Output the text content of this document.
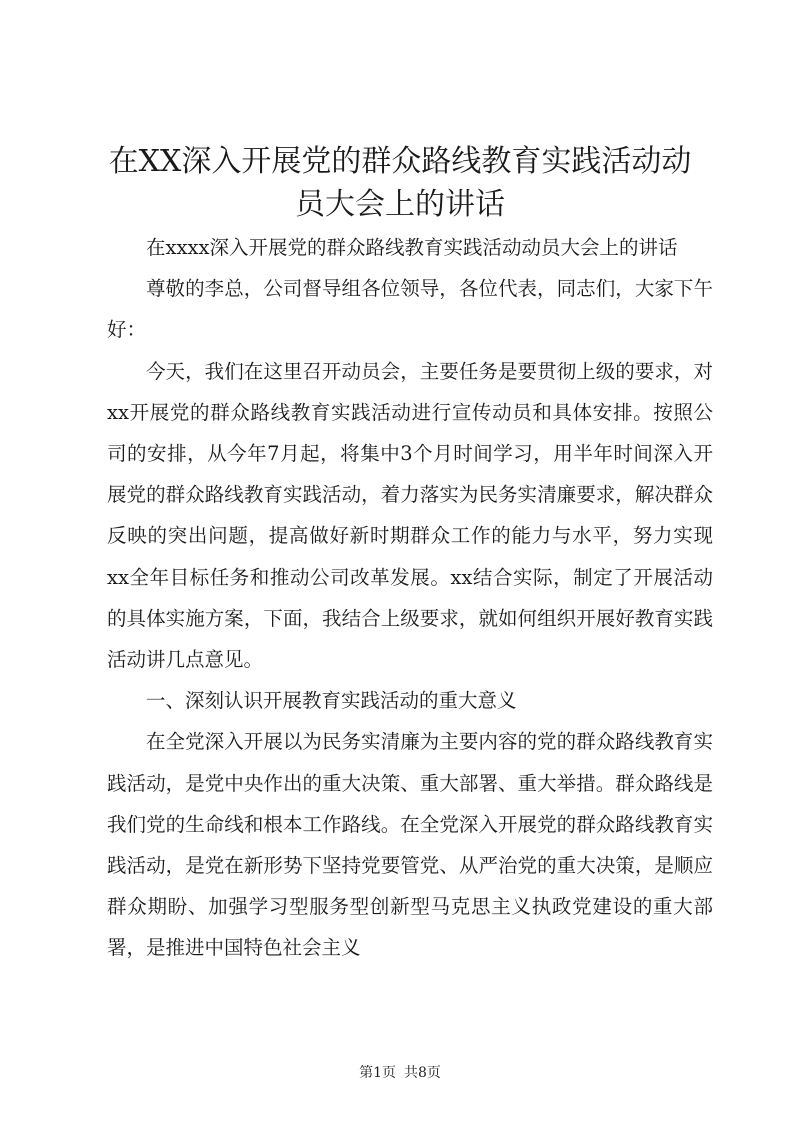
在XX深入开展党的群众路线教育实践活动动员大会上的讲话

在xxxx深入开展党的群众路线教育实践活动动员大会上的讲话

尊敬的李总，公司督导组各位领导，各位代表，同志们，大家下午好：

今天，我们在这里召开动员会，主要任务是要贯彻上级的要求，对xx开展党的群众路线教育实践活动进行宣传动员和具体安排。按照公司的安排，从今年7月起，将集中3个月时间学习，用半年时间深入开展党的群众路线教育实践活动，着力落实为民务实清廉要求，解决群众反映的突出问题，提高做好新时期群众工作的能力与水平，努力实现xx全年目标任务和推动公司改革发展。xx结合实际，制定了开展活动的具体实施方案，下面，我结合上级要求，就如何组织开展好教育实践活动讲几点意见。

一、深刻认识开展教育实践活动的重大意义

在全党深入开展以为民务实清廉为主要内容的党的群众路线教育实践活动，是党中央作出的重大决策、重大部署、重大举措。群众路线是我们党的生命线和根本工作路线。在全党深入开展党的群众路线教育实践活动，是党在新形势下坚持党要管党、从严治党的重大决策，是顺应群众期盼、加强学习型服务型创新型马克思主义执政党建设的重大部署，是推进中国特色社会主义

第1页 共8页
